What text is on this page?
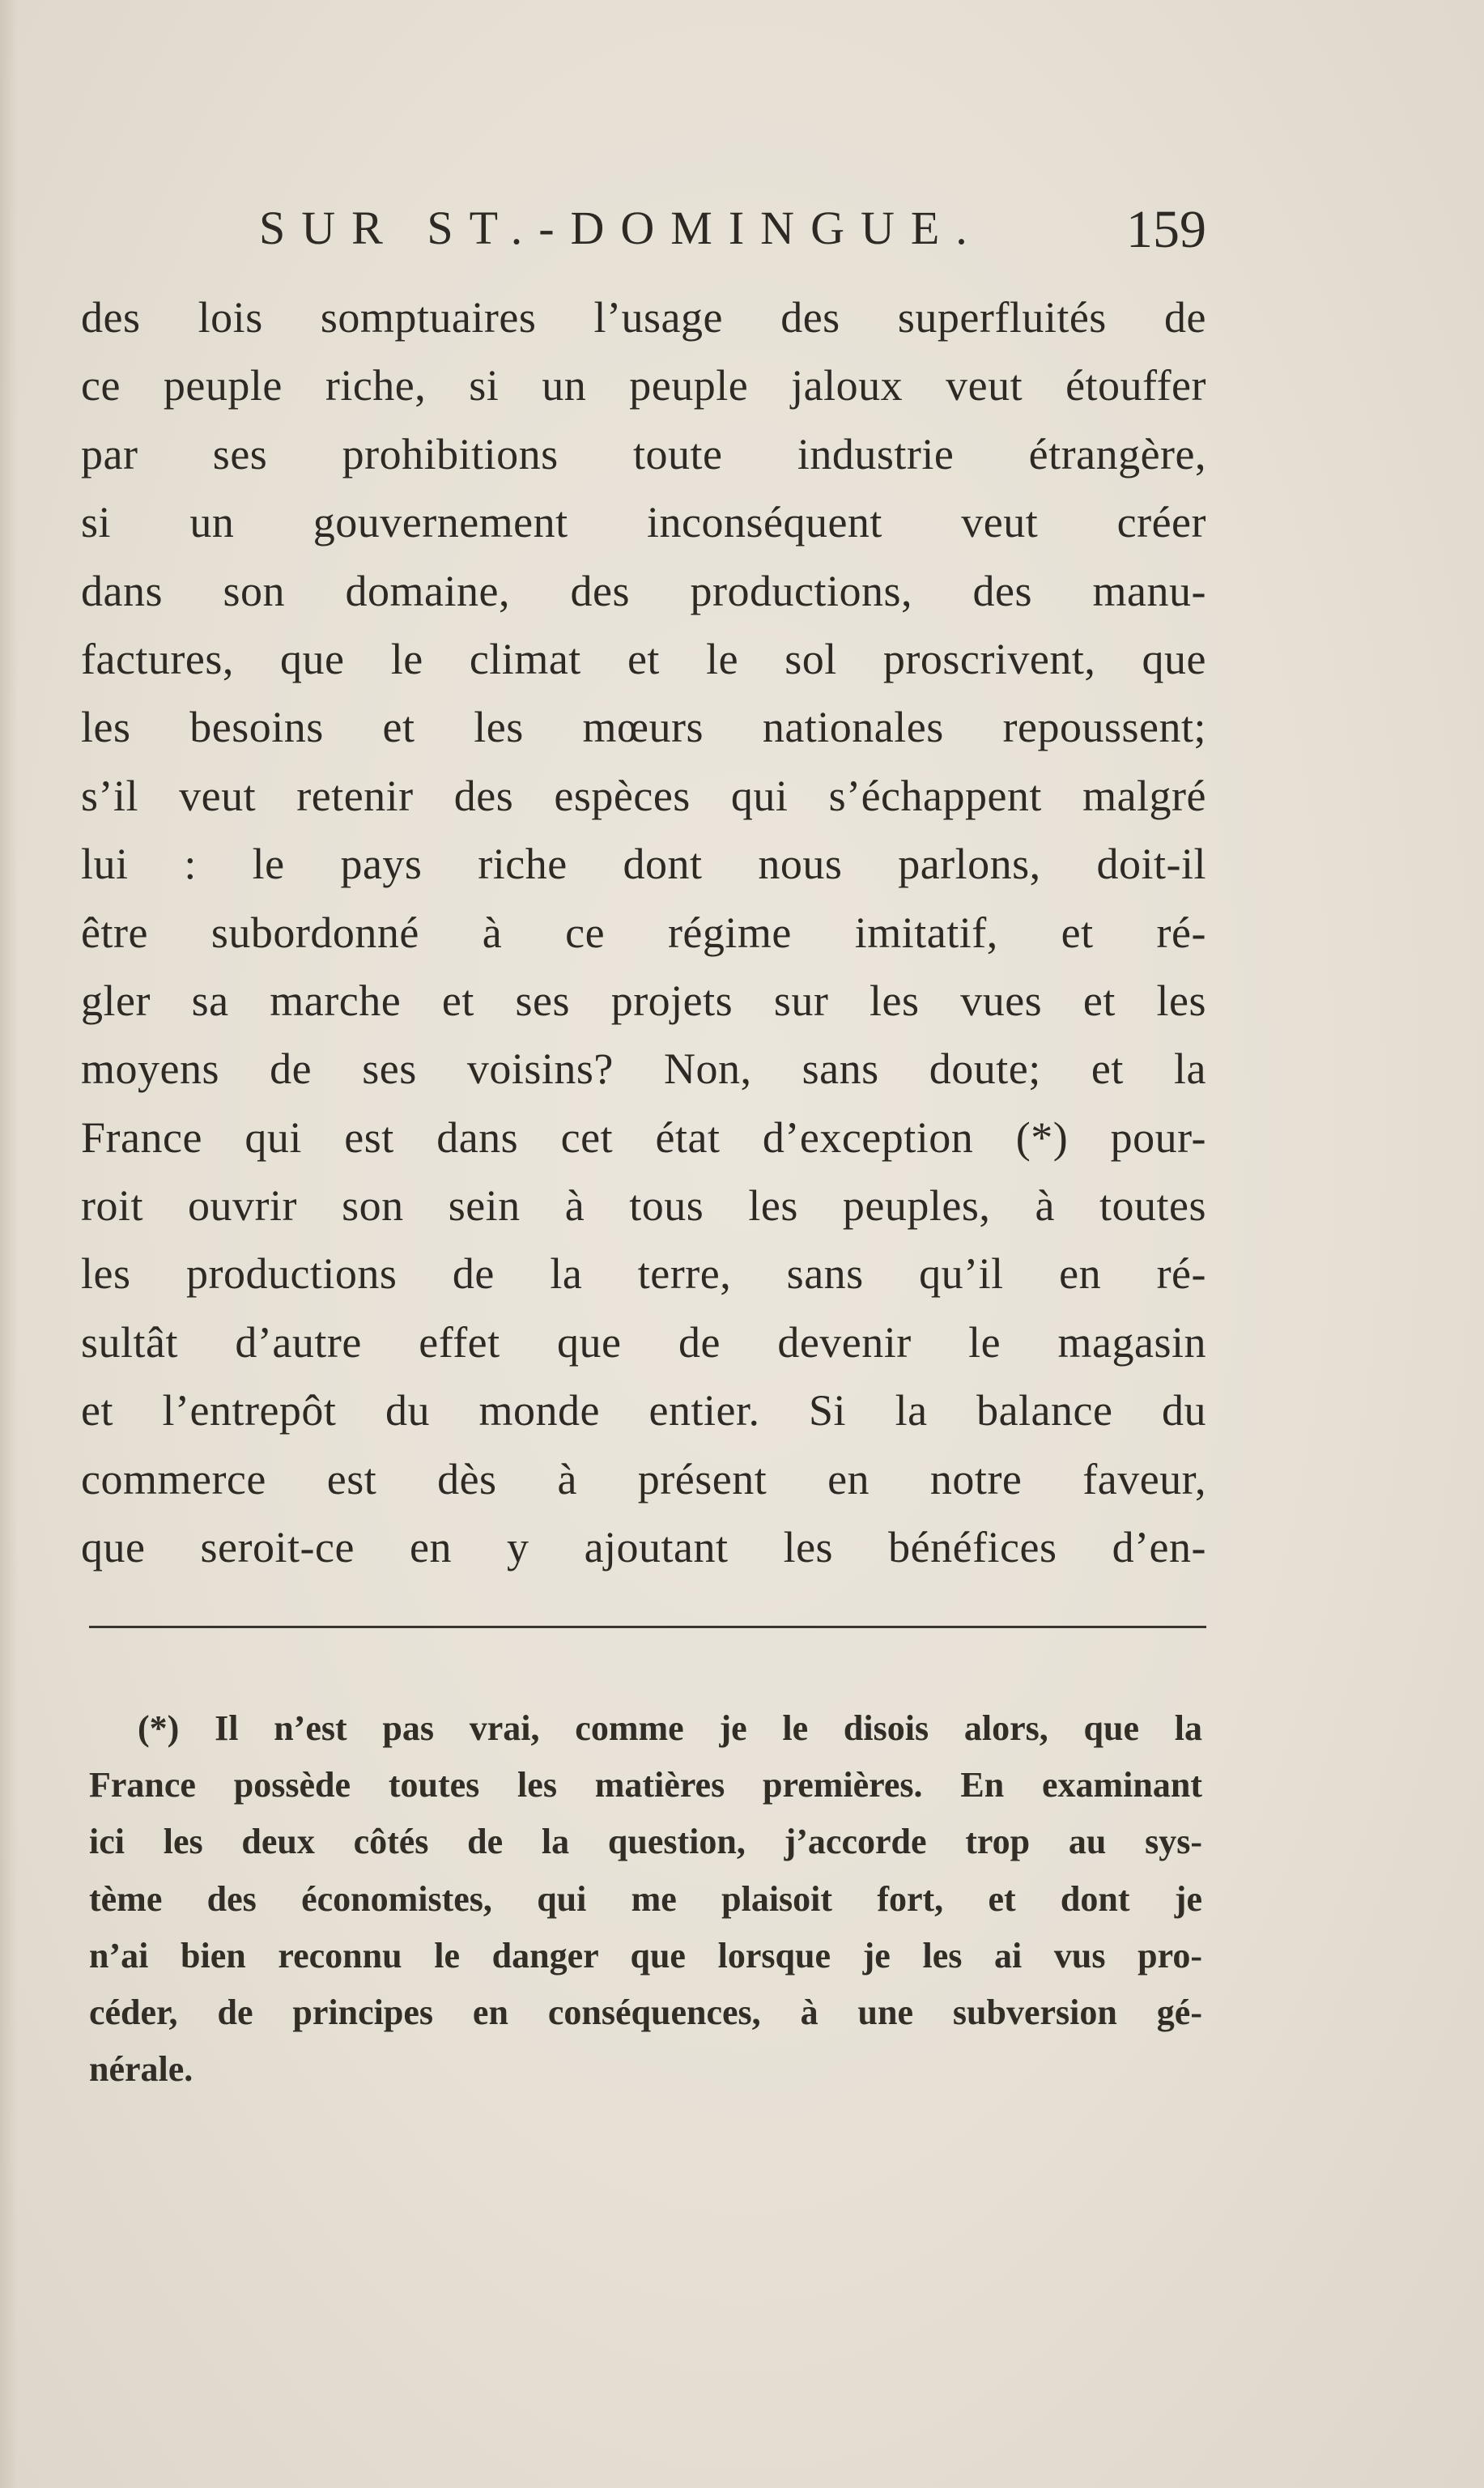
SUR ST.-DOMINGUE.	159
des lois somptuaires l’usage des superfluités de
ce peuple riche, si un peuple jaloux veut étouffer
par ses prohibitions toute industrie étrangère,
si un gouvernement inconséquent veut créer
dans son domaine, des productions, des manu-
factures, que le climat et le sol proscrivent, que
les besoins et les mœurs nationales repoussent;
s’il veut retenir des espèces qui s’échappent malgré
lui : le pays riche dont nous parlons, doit-il
être subordonné à ce régime imitatif, et ré-
gler sa marche et ses projets sur les vues et les
moyens de ses voisins? Non, sans doute; et la
France qui est dans cet état d’exception (*) pour-
roit ouvrir son sein à tous les peuples, à toutes
les productions de la terre, sans qu’il en ré-
sultât d’autre effet que de devenir le magasin
et l’entrepôt du monde entier. Si la balance du
commerce est dès à présent en notre faveur,
que seroit-ce en y ajoutant les bénéfices d’en-
(*) Il n’est pas vrai, comme je le disois alors, que la
France possède toutes les matières premières. En examinant
ici les deux côtés de la question, j’accorde trop au sys-
tème des économistes, qui me plaisoit fort, et dont je
n’ai bien reconnu le danger que lorsque je les ai vus pro-
céder, de principes en conséquences, à une subversion gé-
nérale.
